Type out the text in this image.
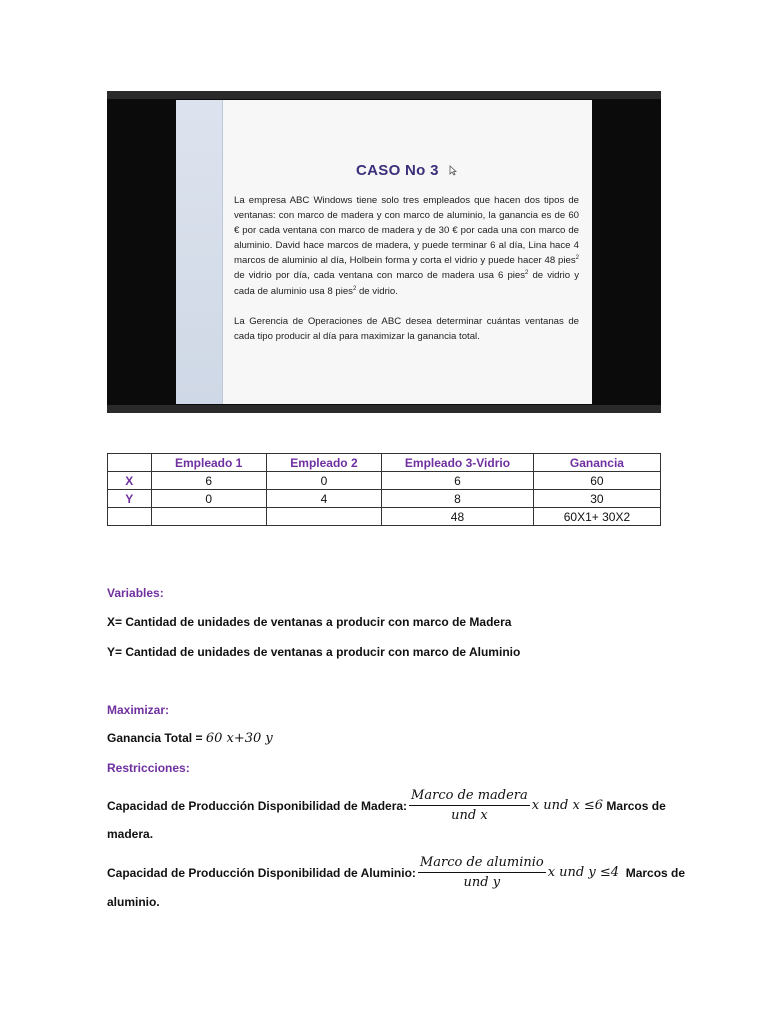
CASO No 3

La empresa ABC Windows tiene solo tres empleados que hacen dos tipos de ventanas: con marco de madera y con marco de aluminio, la ganancia es de 60 € por cada ventana con marco de madera y de 30 € por cada una con marco de aluminio. David hace marcos de madera, y puede terminar 6 al día, Lina hace 4 marcos de aluminio al día, Holbein forma y corta el vidrio y puede hacer 48 pies$^2$ de vidrio por día, cada ventana con marco de madera usa 6 pies$^2$ de vidrio y cada de aluminio usa 8 pies$^2$ de vidrio.

La Gerencia de Operaciones de ABC desea determinar cuántas ventanas de cada tipo producir al día para maximizar la ganancia total.

	Empleado 1	Empleado 2	Empleado 3-Vidrio	Ganancia
X	6	0	6	60
Y	0	4	8	30
			48	60X1+ 30X2
Variables:
X= Cantidad de unidades de ventanas a producir con marco de Madera
Y= Cantidad de unidades de ventanas a producir con marco de Aluminio
Maximizar:
Ganancia Total = 60 x+30 y
Restricciones:
Capacidad de Producción Disponibilidad de Madera: $\frac{\text{Marco de madera}}{\text{und x}}$ x und x ≤6 Marcos de
madera.
Capacidad de Producción Disponibilidad de Aluminio: $\frac{\text{Marco de aluminio}}{\text{und y}}$ x und y ≤4 Marcos de
aluminio.
